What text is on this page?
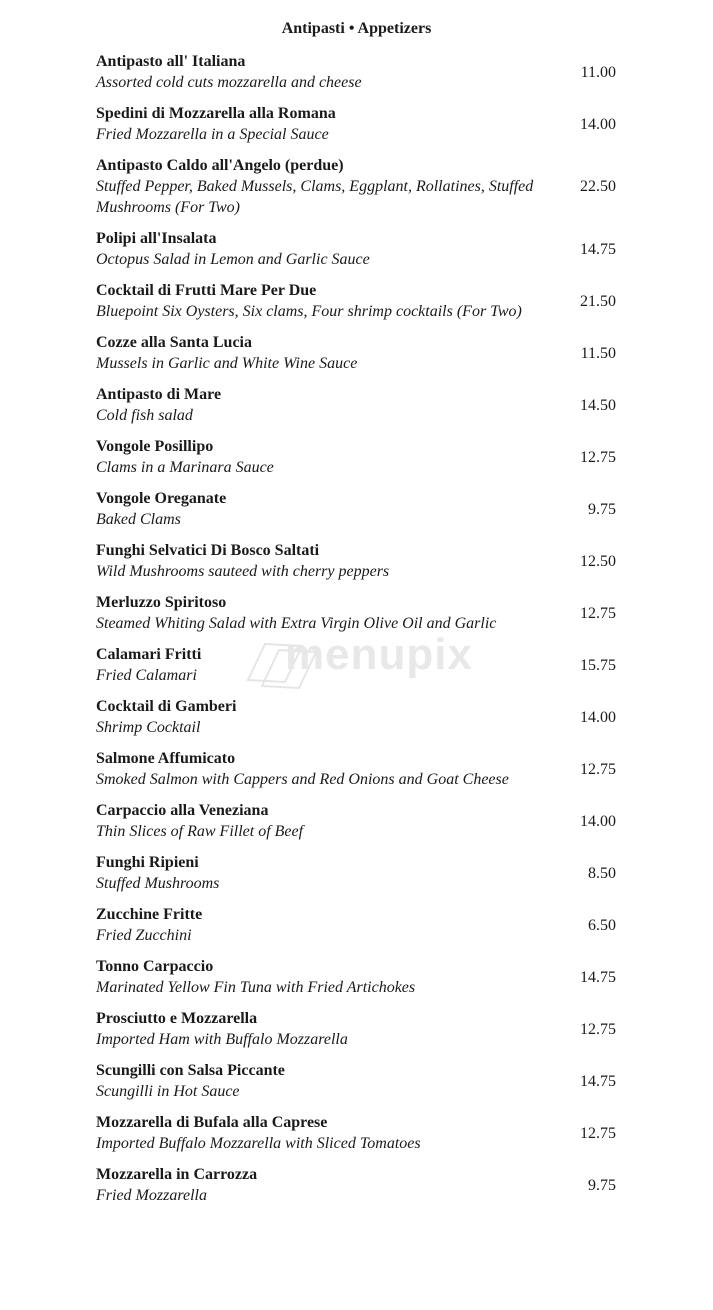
Antipasti • Appetizers
Antipasto all' Italiana
Assorted cold cuts mozzarella and cheese
11.00
Spedini di Mozzarella alla Romana
Fried Mozzarella in a Special Sauce
14.00
Antipasto Caldo all'Angelo (perdue)
Stuffed Pepper, Baked Mussels, Clams, Eggplant, Rollatines, Stuffed Mushrooms (For Two)
22.50
Polipi all'Insalata
Octopus Salad in Lemon and Garlic Sauce
14.75
Cocktail di Frutti Mare Per Due
Bluepoint Six Oysters, Six clams, Four shrimp cocktails (For Two)
21.50
Cozze alla Santa Lucia
Mussels in Garlic and White Wine Sauce
11.50
Antipasto di Mare
Cold fish salad
14.50
Vongole Posillipo
Clams in a Marinara Sauce
12.75
Vongole Oreganate
Baked Clams
9.75
Funghi Selvatici Di Bosco Saltati
Wild Mushrooms sauteed with cherry peppers
12.50
Merluzzo Spiritoso
Steamed Whiting Salad with Extra Virgin Olive Oil and Garlic
12.75
Calamari Fritti
Fried Calamari
15.75
Cocktail di Gamberi
Shrimp Cocktail
14.00
Salmone Affumicato
Smoked Salmon with Cappers and Red Onions and Goat Cheese
12.75
Carpaccio alla Veneziana
Thin Slices of Raw Fillet of Beef
14.00
Funghi Ripieni
Stuffed Mushrooms
8.50
Zucchine Fritte
Fried Zucchini
6.50
Tonno Carpaccio
Marinated Yellow Fin Tuna with Fried Artichokes
14.75
Prosciutto e Mozzarella
Imported Ham with Buffalo Mozzarella
12.75
Scungilli con Salsa Piccante
Scungilli in Hot Sauce
14.75
Mozzarella di Bufala alla Caprese
Imported Buffalo Mozzarella with Sliced Tomatoes
12.75
Mozzarella in Carrozza
Fried Mozzarella
9.75
menupix
